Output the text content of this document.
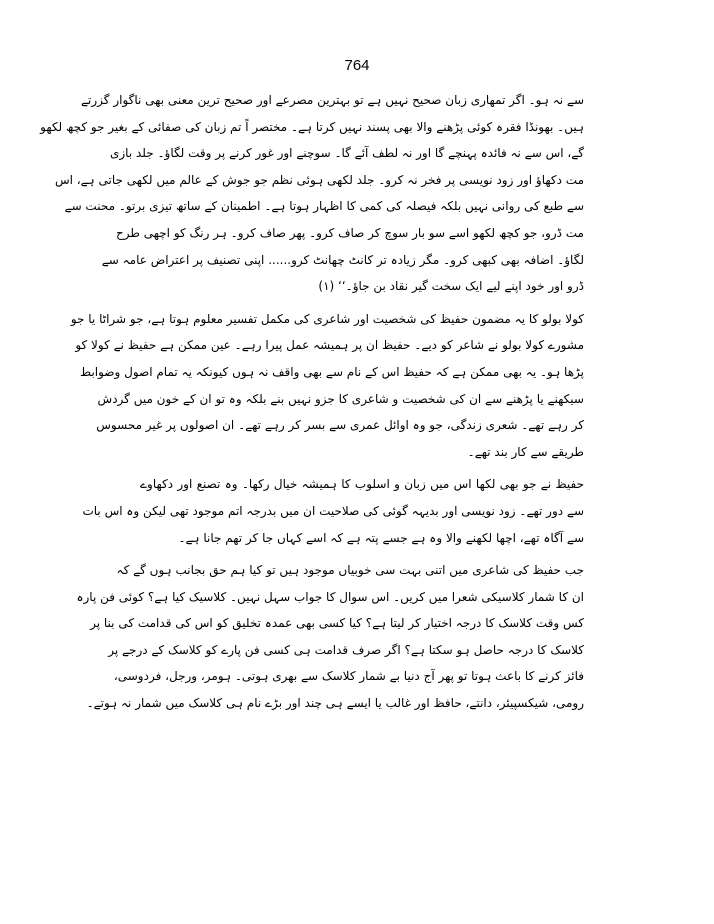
764
سے نہ ہو۔ اگر تمھاری زبان صحیح نہیں ہے تو بہترین مصرعے اور صحیح ترین معنی بھی ناگوار گزرتے
ہیں۔ بھونڈا فقرہ کوئی پڑھنے والا بھی پسند نہیں کرتا ہے۔ مختصر اً تم زبان کی صفائی کے بغیر جو کچھ لکھو
گے، اس سے نہ فائدہ پہنچے گا اور نہ لطف آئے گا۔ سوچنے اور غور کرنے پر وقت لگاؤ۔ جلد بازی
مت دکھاؤ اور زود نویسی پر فخر نہ کرو۔ جلد لکھی ہوئی نظم جو جوش کے عالم میں لکھی جاتی ہے، اس
سے طبع کی روانی نہیں بلکہ فیصلہ کی کمی کا اظہار ہوتا ہے۔ اطمینان کے ساتھ تیزی برتو۔ محنت سے
مت ڈرو، جو کچھ لکھو اسے سو بار سوچ کر صاف کرو۔ پھر صاف کرو۔ ہر رنگ کو اچھی طرح
لگاؤ۔ اضافہ بھی کبھی کرو۔ مگر زیادہ تر کانٹ چھانٹ کرو...... اپنی تصنیف پر اعتراض عامہ سے
ڈرو اور خود اپنے لیے ایک سخت گیر نقاد بن جاؤ۔‘‘ (۱)
کولا بولو کا یہ مضمون حفیظ کی شخصیت اور شاعری کی مکمل تفسیر معلوم ہوتا ہے، جو شراٹا یا جو
مشورے کولا بولو نے شاعر کو دیے۔ حفیظ ان پر ہمیشہ عمل پیرا رہے۔ عین ممکن ہے حفیظ نے کولا کو
پڑھا ہو۔ یہ بھی ممکن ہے کہ حفیظ اس کے نام سے بھی واقف نہ ہوں کیونکہ یہ تمام اصول وضوابط
سیکھنے یا پڑھنے سے ان کی شخصیت و شاعری کا جزو نہیں بنے بلکہ وہ تو ان کے خون میں گردش
کر رہے تھے۔ شعری زندگی، جو وہ اوائل عمری سے بسر کر رہے تھے۔ ان اصولوں پر غیر محسوس
طریقے سے کار بند تھے۔
حفیظ نے جو بھی لکھا اس میں زبان و اسلوب کا ہمیشہ خیال رکھا۔ وہ تصنع اور دکھاوے
سے دور تھے۔ زود نویسی اور بدیہہ گوئی کی صلاحیت ان میں بدرجہ اتم موجود تھی لیکن وہ اس بات
سے آگاہ تھے، اچھا لکھنے والا وہ ہے جسے پتہ ہے کہ اسے کہاں جا کر تھم جانا ہے۔
جب حفیظ کی شاعری میں اتنی بہت سی خوبیاں موجود ہیں تو کیا ہم حق بجانب ہوں گے کہ
ان کا شمار کلاسیکی شعرا میں کریں۔ اس سوال کا جواب سہل نہیں۔ کلاسیک کیا ہے؟ کوئی فن پارہ
کس وقت کلاسک کا درجہ اختیار کر لیتا ہے؟ کیا کسی بھی عمدہ تخلیق کو اس کی قدامت کی بنا پر
کلاسک کا درجہ حاصل ہو سکتا ہے؟ اگر صرف قدامت ہی کسی فن پارے کو کلاسک کے درجے پر
فائز کرنے کا باعث ہوتا تو پھر آج دنیا بے شمار کلاسک سے بھری ہوتی۔ ہومر، ورجل، فردوسی،
رومی، شیکسپیئر، دانتے، حافظ اور غالب یا ایسے ہی چند اور بڑے نام ہی کلاسک میں شمار نہ ہوتے۔
